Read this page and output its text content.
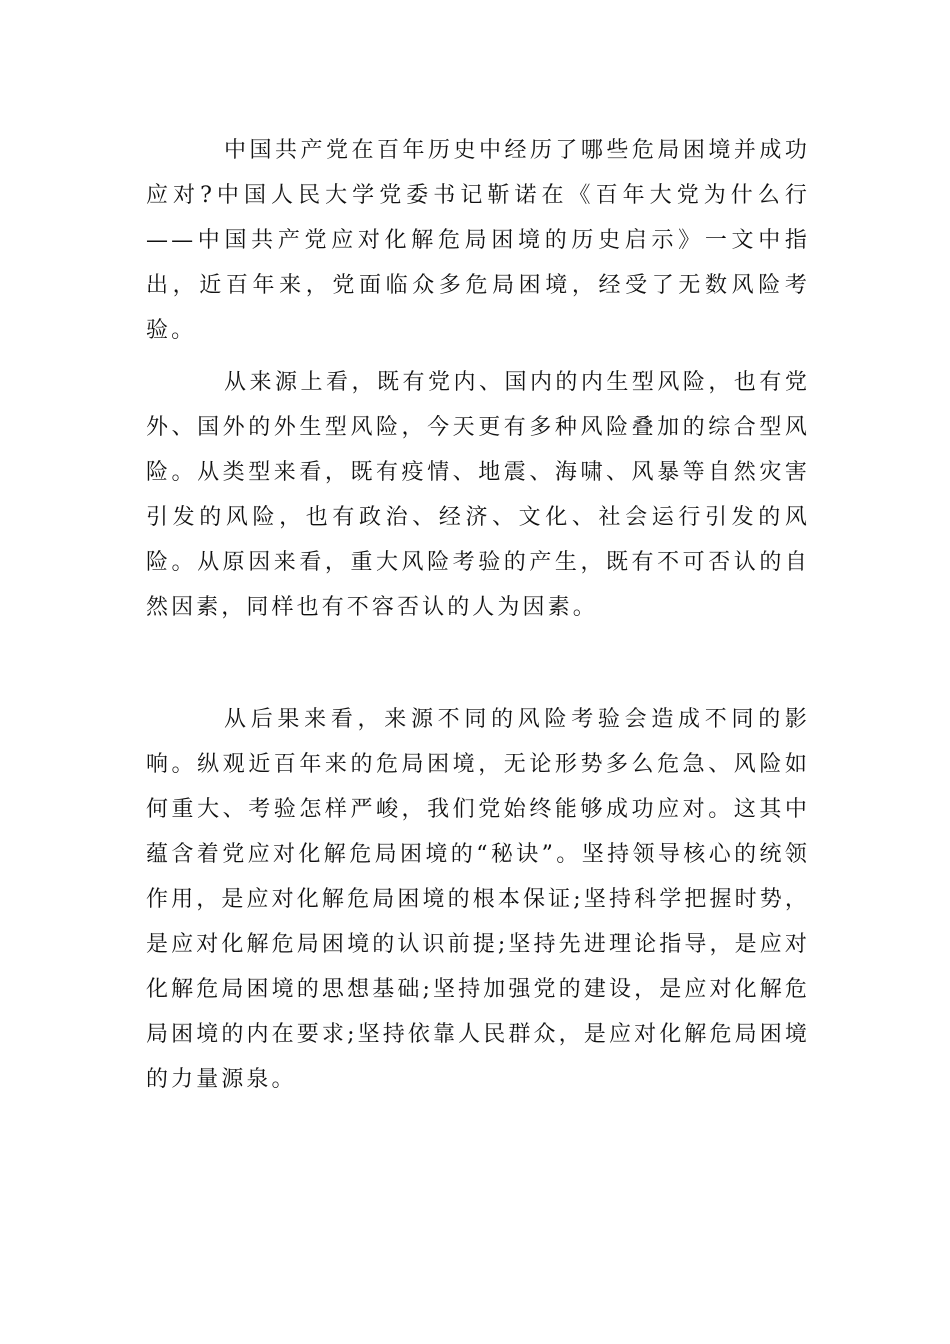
中国共产党在百年历史中经历了哪些危局困境并成功应对?中国人民大学党委书记靳诺在《百年大党为什么行——中国共产党应对化解危局困境的历史启示》一文中指出，近百年来，党面临众多危局困境，经受了无数风险考验。

从来源上看，既有党内、国内的内生型风险，也有党外、国外的外生型风险，今天更有多种风险叠加的综合型风险。从类型来看，既有疫情、地震、海啸、风暴等自然灾害引发的风险，也有政治、经济、文化、社会运行引发的风险。从原因来看，重大风险考验的产生，既有不可否认的自然因素，同样也有不容否认的人为因素。

从后果来看，来源不同的风险考验会造成不同的影响。纵观近百年来的危局困境，无论形势多么危急、风险如何重大、考验怎样严峻，我们党始终能够成功应对。这其中蕴含着党应对化解危局困境的“秘诀”。坚持领导核心的统领作用，是应对化解危局困境的根本保证;坚持科学把握时势，是应对化解危局困境的认识前提;坚持先进理论指导，是应对化解危局困境的思想基础;坚持加强党的建设，是应对化解危局困境的内在要求;坚持依靠人民群众，是应对化解危局困境的力量源泉。
